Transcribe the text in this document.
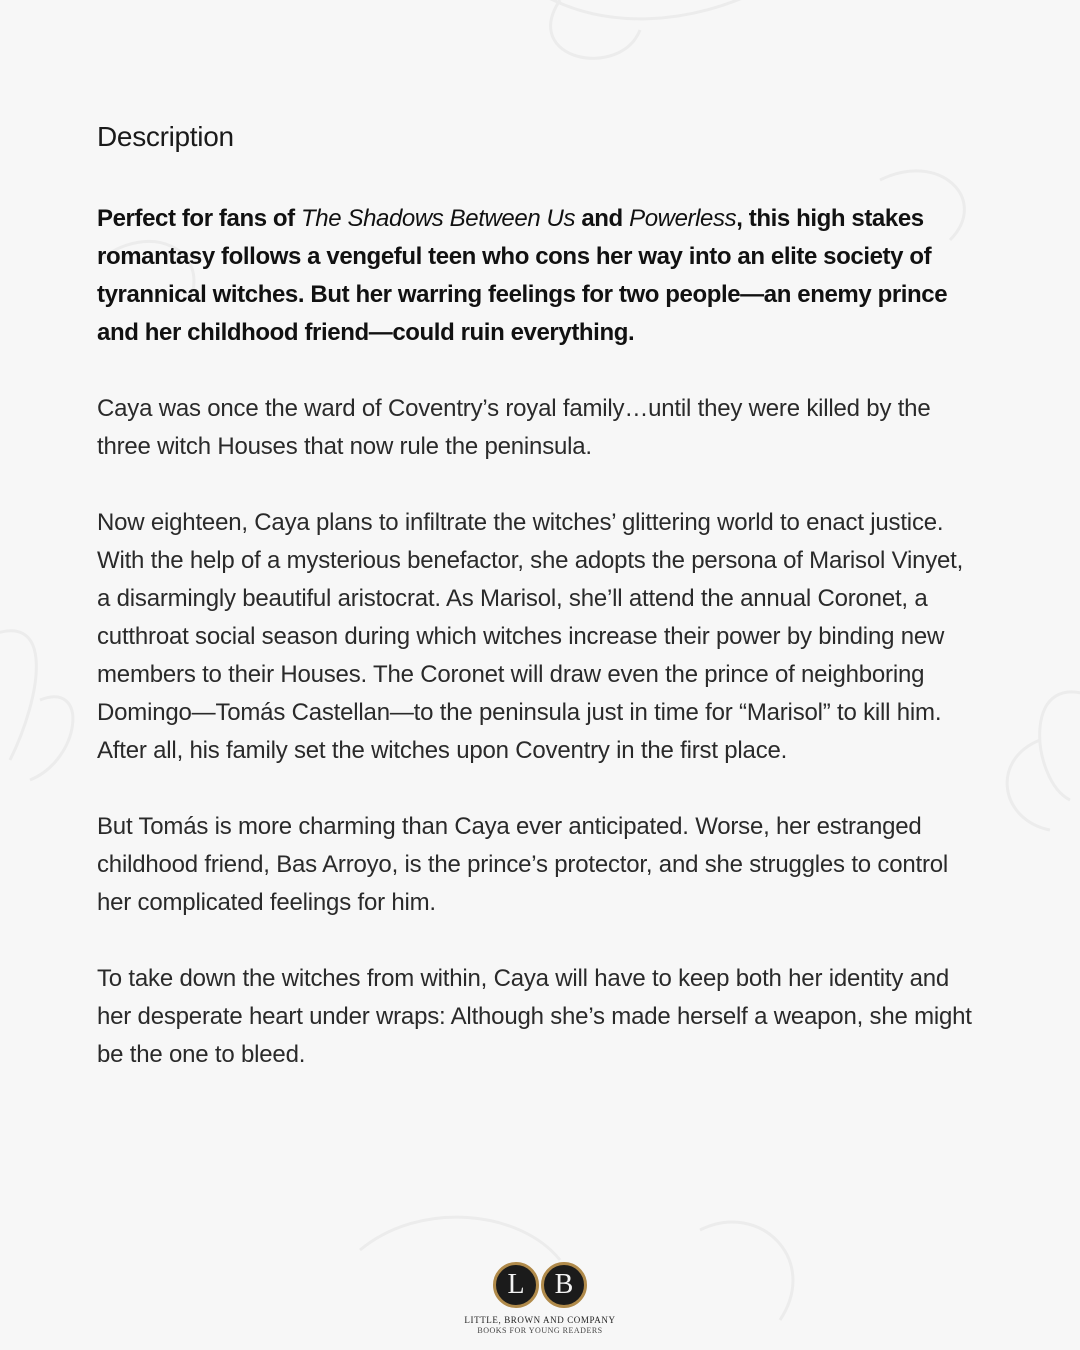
Description

Perfect for fans of The Shadows Between Us and Powerless, this high stakes romantasy follows a vengeful teen who cons her way into an elite society of tyrannical witches. But her warring feelings for two people—an enemy prince and her childhood friend—could ruin everything.

Caya was once the ward of Coventry’s royal family…until they were killed by the three witch Houses that now rule the peninsula.

Now eighteen, Caya plans to infiltrate the witches’ glittering world to enact justice. With the help of a mysterious benefactor, she adopts the persona of Marisol Vinyet, a disarmingly beautiful aristocrat. As Marisol, she’ll attend the annual Coronet, a cutthroat social season during which witches increase their power by binding new members to their Houses. The Coronet will draw even the prince of neighboring Domingo—Tomás Castellan—to the peninsula just in time for “Marisol” to kill him. After all, his family set the witches upon Coventry in the first place.

But Tomás is more charming than Caya ever anticipated. Worse, her estranged childhood friend, Bas Arroyo, is the prince’s protector, and she struggles to control her complicated feelings for him.

To take down the witches from within, Caya will have to keep both her identity and her desperate heart under wraps: Although she’s made herself a weapon, she might be the one to bleed.

L	B
LITTLE, BROWN AND COMPANY
BOOKS FOR YOUNG READERS
